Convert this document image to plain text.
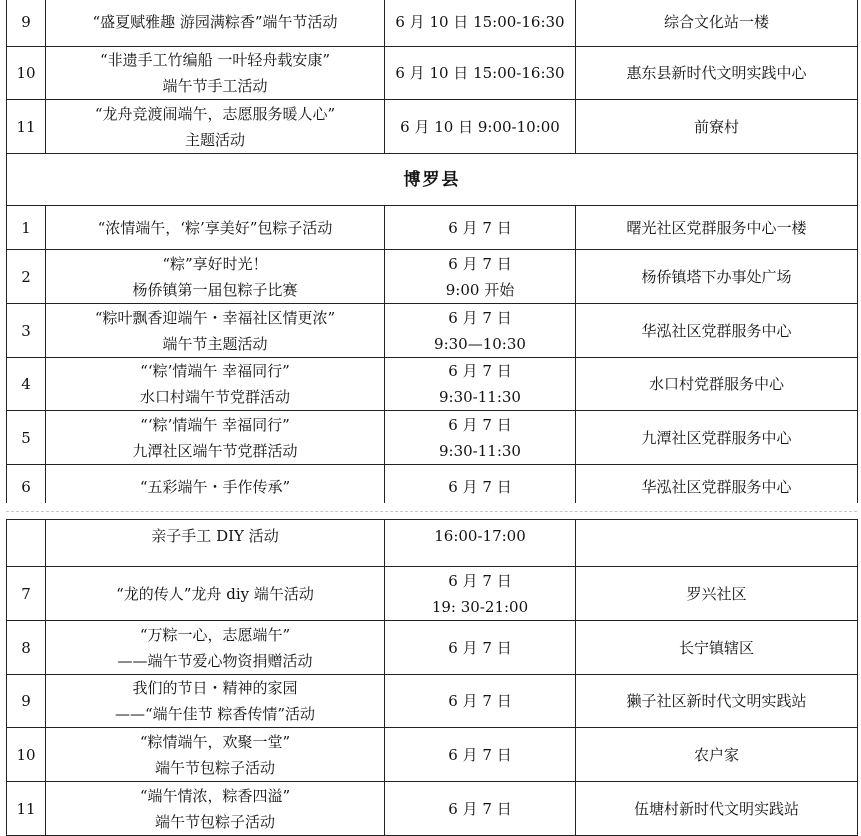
9	“盛夏赋雅趣 游园满粽香”端午节活动	6 月 10 日 15:00-16:30	综合文化站一楼
10	“非遗手工竹编船 一叶轻舟载安康”
端午节手工活动	6 月 10 日 15:00-16:30	惠东县新时代文明实践中心
11	“龙舟竞渡闹端午，志愿服务暖人心”
主题活动	6 月 10 日 9:00-10:00	前寮村
博罗县			
1	“浓情端午，‘粽’享美好”包粽子活动	6 月 7 日	曙光社区党群服务中心一楼
2	“粽”享好时光！
杨侨镇第一届包粽子比赛	6 月 7 日
9:00 开始	杨侨镇塔下办事处广场
3	“粽叶飘香迎端午・幸福社区情更浓”
端午节主题活动	6 月 7 日
9:30—10:30	华泓社区党群服务中心
4	“‘粽’情端午 幸福同行”
水口村端午节党群活动	6 月 7 日
9:30-11:30	水口村党群服务中心
5	“‘粽’情端午 幸福同行”
九潭社区端午节党群活动	6 月 7 日
9:30-11:30	九潭社区党群服务中心
6	“五彩端午・手作传承”	6 月 7 日	华泓社区党群服务中心

	亲子手工 DIY 活动	16:00-17:00	

7	“龙的传人”龙舟 diy 端午活动	6 月 7 日
19: 30-21:00	罗兴社区
8	“万粽一心，志愿端午”
——端午节爱心物资捐赠活动	6 月 7 日	长宁镇辖区
9	我们的节日・精神的家园
——“端午佳节 粽香传情”活动	6 月 7 日	獭子社区新时代文明实践站
10	“粽情端午，欢聚一堂”
端午节包粽子活动	6 月 7 日	农户家
11	“端午情浓，粽香四溢”
端午节包粽子活动	6 月 7 日	伍塘村新时代文明实践站
